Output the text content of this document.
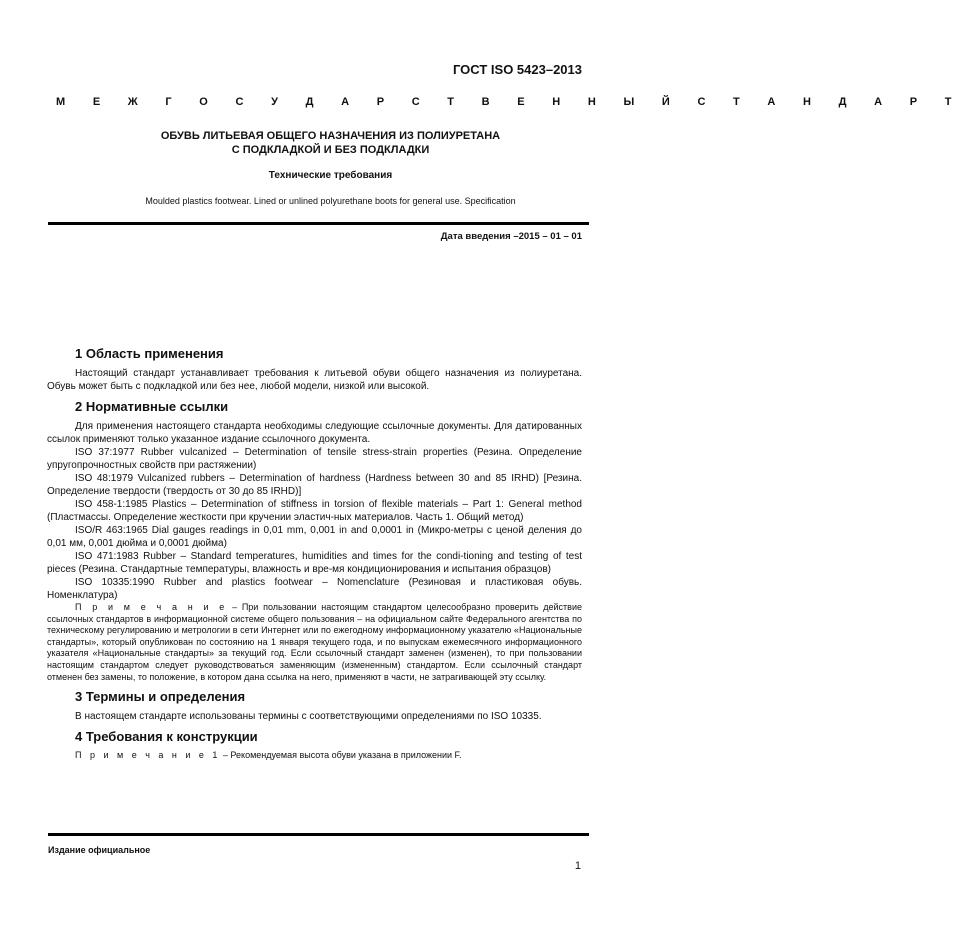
ГОСТ ISO 5423–2013
М Е Ж Г О С У Д А Р С Т В Е Н Н Ы Й С Т А Н Д А Р Т
ОБУВЬ ЛИТЬЕВАЯ ОБЩЕГО НАЗНАЧЕНИЯ ИЗ ПОЛИУРЕТАНА
С ПОДКЛАДКОЙ И БЕЗ ПОДКЛАДКИ
Технические требования
Moulded plastics footwear. Lined or unlined polyurethane boots for general use. Specification
Дата введения –2015 – 01 – 01
1 Область применения

Настоящий стандарт устанавливает требования к литьевой обуви общего назначения из полиуретана. Обувь может быть с подкладкой или без нее, любой модели, низкой или высокой.

2 Нормативные ссылки

Для применения настоящего стандарта необходимы следующие ссылочные документы. Для датированных ссылок применяют только указанное издание ссылочного документа.

ISO 37:1977 Rubber vulcanized – Determination of tensile stress-strain properties (Резина. Определение упругопрочностных свойств при растяжении)

ISO 48:1979 Vulcanized rubbers – Determination of hardness (Hardness between 30 and 85 IRHD) [Резина. Определение твердости (твердость от 30 до 85 IRHD)]

ISO 458-1:1985 Plastics – Determination of stiffness in torsion of flexible materials – Part 1: General method (Пластмассы. Определение жесткости при кручении эластич-ных материалов. Часть 1. Общий метод)

ISO/R 463:1965 Dial gauges readings in 0,01 mm, 0,001 in and 0,0001 in (Микро-метры с ценой деления до 0,01 мм, 0,001 дюйма и 0,0001 дюйма)

ISO 471:1983 Rubber – Standard temperatures, humidities and times for the condi-tioning and testing of test pieces (Резина. Стандартные температуры, влажность и вре-мя кондиционирования и испытания образцов)

ISO 10335:1990 Rubber and plastics footwear – Nomenclature (Резиновая и пластиковая обувь. Номенклатура)

П р и м е ч а н и е – При пользовании настоящим стандартом целесообразно проверить действие ссылочных стандартов в информационной системе общего пользования – на официальном сайте Федерального агентства по техническому регулированию и метрологии в сети Интернет или по ежегодному информационному указателю «Национальные стандарты», который опубликован по состоянию на 1 января текущего года, и по выпускам ежемесячного информационного указателя «Национальные стандарты» за текущий год. Если ссылочный стандарт заменен (изменен), то при пользовании настоящим стандартом следует руководствоваться заменяющим (измененным) стандартом. Если ссылочный стандарт отменен без замены, то положение, в котором дана ссылка на него, применяют в части, не затрагивающей эту ссылку.

3 Термины и определения

В настоящем стандарте использованы термины с соответствующими определениями по ISO 10335.

4 Требования к конструкции

П р и м е ч а н и е 1 – Рекомендуемая высота обуви указана в приложении F.

Издание официальное
1
